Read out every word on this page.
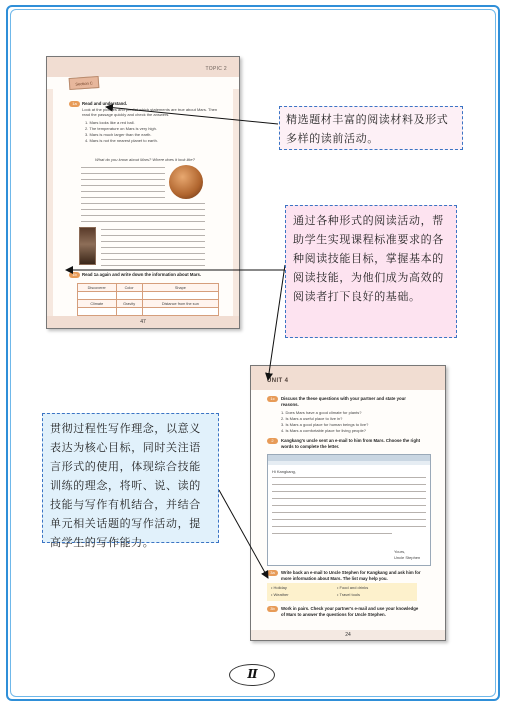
TOPIC 2
Section C
1a	Read and understand.
Look at the pictures and predict which statements are true about Mars. Then
read the passage quickly and check the answers.
1. Mars looks like a red ball.
2. The temperature on Mars is very high.
3. Mars is much larger than the earth.
4. Mars is not the nearest planet to earth.
What do you know about Mars? Where does it look like?
1b	Read 1a again and write down the information about Mars.
Discoverer	Color	Shape

Climate	Gravity	Distance from the sun

47
UNIT 4
1c	Discuss the these questions with your partner and state your
reasons.
1. Does Mars have a good climate for plants?
2. Is Mars a useful place to live in?
3. Is Mars a good place for human beings to live?
4. Is Mars a comfortable place for living people?
2	Kangkang's uncle sent an e-mail to him from Mars. Choose the right
words to complete the letter.
Hi Kangkang,
Yours,
Uncle Stephen
3a	Write back an e-mail to Uncle Stephen for Kangkang and ask him for
more information about Mars. The list may help you.
• Holiday	• Food and drinks
• Weather	• Travel tools
3b	Work in pairs. Check your partner's e-mail and use your knowledge
of Mars to answer the questions for Uncle Stephen.
24
精选题材丰富的阅读材料及形式多样的读前活动。
通过各种形式的阅读活动，帮助学生实现课程标准要求的各种阅读技能目标，掌握基本的阅读技能，为他们成为高效的阅读者打下良好的基础。
贯彻过程性写作理念，以意义表达为核心目标，同时关注语言形式的使用，体现综合技能训练的理念，将听、说、读的技能与写作有机结合，并结合单元相关话题的写作活动，提高学生的写作能力。
II
